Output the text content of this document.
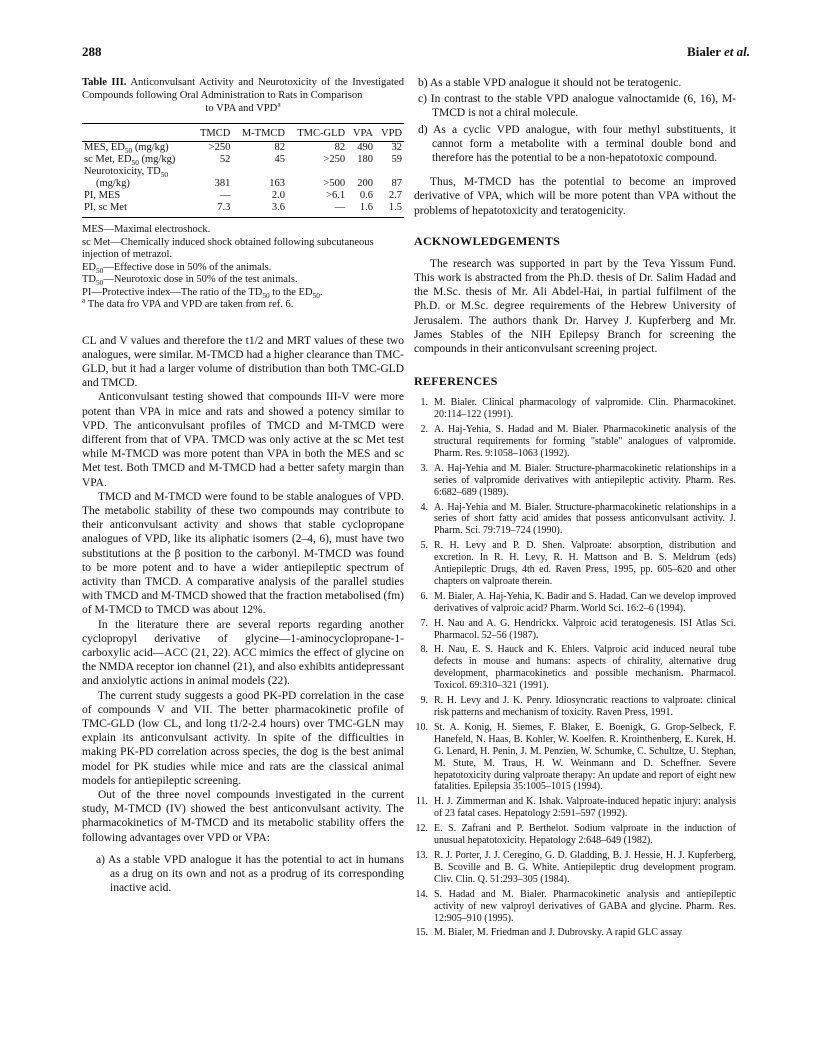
288	Bialer et al.
Table III. Anticonvulsant Activity and Neurotoxicity of the Investigated Compounds following Oral Administration to Rats in Comparison
to VPA and VPD$^a$
	TMCD	M-TMCD	TMC-GLD	VPA	VPD
MES, $ED_{50}$ (mg/kg)	>250	82	82	490	32
sc Met, $ED_{50}$ (mg/kg)	52	45	>250	180	59
Neurotoxicity, $TD_{50}$					
(mg/kg)	381	163	>500	200	87
PI, MES	—	2.0	>6.1	0.6	2.7
PI, sc Met	7.3	3.6	—	1.6	1.5
MES—Maximal electroshock.
sc Met—Chemically induced shock obtained following subcutaneous injection of metrazol.
$ED_{50}—Effective$ dose in 50% of the animals.
$TD_{50}—Neurotoxic$ dose in 50% of the test animals.
PI—Protective index—The ratio of the $TD_{50}$ to the $ED_{50}$.
$^a$ The data fro VPA and VPD are taken from ref. 6.

CL and V values and therefore the t1/2 and MRT values of these two analogues, were similar. M-TMCD had a higher clearance than TMC-GLD, but it had a larger volume of distribution than both TMC-GLD and TMCD.

Anticonvulsant testing showed that compounds III-V were more potent than VPA in mice and rats and showed a potency similar to VPD. The anticonvulsant profiles of TMCD and M-TMCD were different from that of VPA. TMCD was only active at the sc Met test while M-TMCD was more potent than VPA in both the MES and sc Met test. Both TMCD and M-TMCD had a better safety margin than VPA.

TMCD and M-TMCD were found to be stable analogues of VPD. The metabolic stability of these two compounds may contribute to their anticonvulsant activity and shows that stable cyclopropane analogues of VPD, like its aliphatic isomers (2–4, 6), must have two substitutions at the β position to the carbonyl. M-TMCD was found to be more potent and to have a wider antiepileptic spectrum of activity than TMCD. A comparative analysis of the parallel studies with TMCD and M-TMCD showed that the fraction metabolised (fm) of M-TMCD to TMCD was about 12%.

In the literature there are several reports regarding another cyclopropyl derivative of glycine—1-aminocyclopropane-1-carboxylic acid—ACC (21, 22). ACC mimics the effect of glycine on the NMDA receptor ion channel (21), and also exhibits antidepressant and anxiolytic actions in animal models (22).

The current study suggests a good PK-PD correlation in the case of compounds V and VII. The better pharmacokinetic profile of TMC-GLD (low CL, and long t1/2-2.4 hours) over TMC-GLN may explain its anticonvulsant activity. In spite of the difficulties in making PK-PD correlation across species, the dog is the best animal model for PK studies while mice and rats are the classical animal models for antiepileptic screening.

Out of the three novel compounds investigated in the current study, M-TMCD (IV) showed the best anticonvulsant activity. The pharmacokinetics of M-TMCD and its metabolic stability offers the following advantages over VPD or VPA:

a) As a stable VPD analogue it has the potential to act in humans as a drug on its own and not as a prodrug of its corresponding inactive acid.
b) As a stable VPD analogue it should not be teratogenic.
c) In contrast to the stable VPD analogue valnoctamide (6, 16), M-TMCD is not a chiral molecule.
d) As a cyclic VPD analogue, with four methyl substituents, it cannot form a metabolite with a terminal double bond and therefore has the potential to be a non-hepatotoxic compound.

Thus, M-TMCD has the potential to become an improved derivative of VPA, which will be more potent than VPA without the problems of hepatotoxicity and teratogenicity.

ACKNOWLEDGEMENTS

The research was supported in part by the Teva Yissum Fund. This work is abstracted from the Ph.D. thesis of Dr. Salim Hadad and the M.Sc. thesis of Mr. Ali Abdel-Hai, in partial fulfilment of the Ph.D. or M.Sc. degree requirements of the Hebrew University of Jerusalem. The authors thank Dr. Harvey J. Kupferberg and Mr. James Stables of the NIH Epilepsy Branch for screening the compounds in their anticonvulsant screening project.

REFERENCES
1. M. Bialer. Clinical pharmacology of valpromide. Clin. Pharmacokinet. 20:114–122 (1991).
2. A. Haj-Yehia, S. Hadad and M. Bialer. Pharmacokinetic analysis of the structural requirements for forming "stable" analogues of valpromide. Pharm. Res. 9:1058–1063 (1992).
3. A. Haj-Yehia and M. Bialer. Structure-pharmacokinetic relationships in a series of valpromide derivatives with antiepileptic activity. Pharm. Res. 6:682–689 (1989).
4. A. Haj-Yehia and M. Bialer. Structure-pharmacokinetic relationships in a series of short fatty acid amides that possess anticonvulsant activity. J. Pharm. Sci. 79:719–724 (1990).
5. R. H. Levy and P. D. Shen. Valproate: absorption, distribution and excretion. In R. H. Levy, R. H. Mattson and B. S. Meldrum (eds) Antiepileptic Drugs, 4th ed. Raven Press, 1995, pp. 605–620 and other chapters on valproate therein.
6. M. Bialer, A. Haj-Yehia, K. Badir and S. Hadad. Can we develop improved derivatives of valproic acid? Pharm. World Sci. 16:2–6 (1994).
7. H. Nau and A. G. Hendrickx. Valproic acid teratogenesis. ISI Atlas Sci. Pharmacol. 52–56 (1987).
8. H. Nau, E. S. Hauck and K. Ehlers. Valproic acid induced neural tube defects in mouse and humans: aspects of chirality, alternative drug development, pharmacokinetics and possible mechanism. Pharmacol. Toxicol. 69:310–321 (1991).
9. R. H. Levy and J. K. Penry. Idiosyncratic reactions to valproate: clinical risk patterns and mechanism of toxicity. Raven Press, 1991.
10. St. A. Konig, H. Siemes, F. Blaker, E. Boenigk, G. Grop-Selbeck, F. Hanefeld, N. Haas, B. Kohler, W. Koelfen. R. Krointhenberg, E. Kurek, H. G. Lenard, H. Penin, J. M. Penzien, W. Schumke, C. Schultze, U. Stephan, M. Stute, M. Traus, H. W. Weinmann and D. Scheffner. Severe hepatotoxicity during valproate therapy: An update and report of eight new fatalities. Epilepsia 35:1005–1015 (1994).
11. H. J. Zimmerman and K. Ishak. Valproate-induced hepatic injury: analysis of 23 fatal cases. Hepatology 2:591–597 (1992).
12. E. S. Zafrani and P. Berthelot. Sodium valproate in the induction of unusual hepatotoxicity. Hepatology 2:648–649 (1982).
13. R. J. Porter, J. J. Cereginо, G. D. Gladding, B. J. Hessie, H. J. Kupferberg, B. Scoville and B. G. White. Antiepileptic drug development program. Cliv. Clin. Q. 51:293–305 (1984).
14. S. Hadad and M. Bialer. Pharmacokinetic analysis and antiepileptic activity of new valproyl derivatives of GABA and glycine. Pharm. Res. 12:905–910 (1995).
15. M. Bialer, M. Friedman and J. Dubrovsky. A rapid GLC assay
